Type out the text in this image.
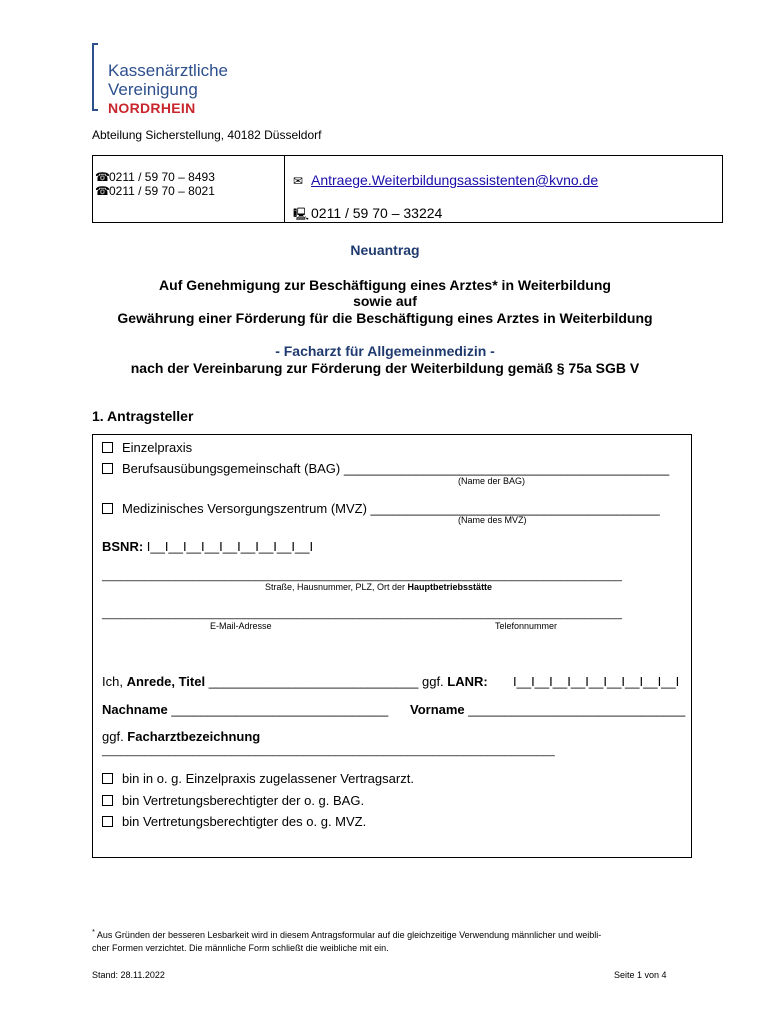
Kassenärztliche
Vereinigung
NORDRHEIN
Abteilung Sicherstellung, 40182 Düsseldorf
☎0211 / 59 70 – 8493
☎0211 / 59 70 – 8021
✉ Antraege.Weiterbildungsassistenten@kvno.de
🖳 0211 / 59 70 – 33224
Neuantrag
Auf Genehmigung zur Beschäftigung eines Arztes* in Weiterbildung
sowie auf
Gewährung einer Förderung für die Beschäftigung eines Arztes in Weiterbildung
- Facharzt für Allgemeinmedizin -
nach der Vereinbarung zur Förderung der Weiterbildung gemäß § 75a SGB V
1. Antragsteller
Einzelpraxis
Berufsausübungsgemeinschaft (BAG) _____________________________________________
(Name der BAG)
Medizinisches Versorgungszentrum (MVZ) ________________________________________
(Name des MVZ)
BSNR: I__I__I__I__I__I__I__I__I__I
_____________________________________________________________________________________
Straße, Hausnummer, PLZ, Ort der Hauptbetriebsstätte
_____________________________________________________________________________________
E-Mail-Adresse	Telefonnummer
Ich, Anrede, Titel _____________________________ ggf. LANR: I__I__I__I__I__I__I__I__I__I
Nachname ______________________________ Vorname ______________________________
ggf. Facharztbezeichnung
__________________________________________________________________________
bin in o. g. Einzelpraxis zugelassener Vertragsarzt.
bin Vertretungsberechtigter der o. g. BAG.
bin Vertretungsberechtigter des o. g. MVZ.
* Aus Gründen der besseren Lesbarkeit wird in diesem Antragsformular auf die gleichzeitige Verwendung männlicher und weibli-
cher Formen verzichtet. Die männliche Form schließt die weibliche mit ein.
Stand: 28.11.2022	Seite 1 von 4
